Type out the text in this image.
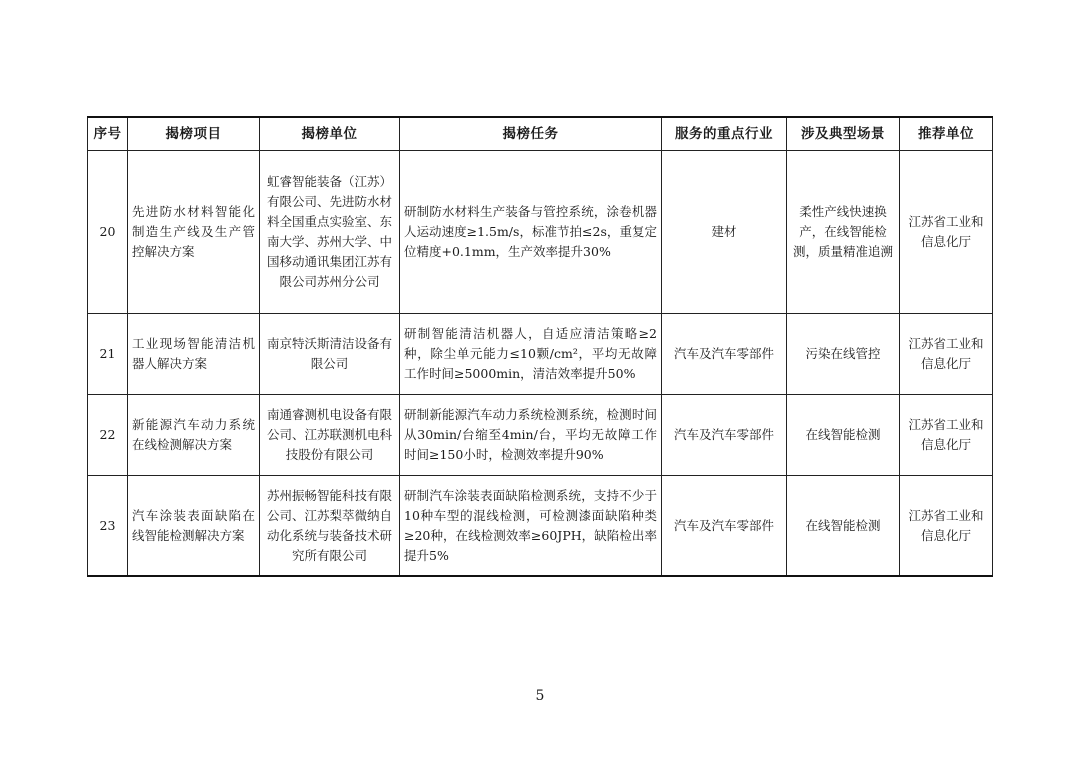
序号	揭榜项目	揭榜单位	揭榜任务	服务的重点行业	涉及典型场景	推荐单位
20	先进防水材料智能化制造生产线及生产管控解决方案	虹睿智能装备（江苏）有限公司、先进防水材料全国重点实验室、东南大学、苏州大学、中国移动通讯集团江苏有限公司苏州分公司	研制防水材料生产装备与管控系统，涂卷机器人运动速度≥1.5m/s，标准节拍≤2s，重复定位精度+0.1mm，生产效率提升30%	建材	柔性产线快速换产，在线智能检测，质量精准追溯	江苏省工业和信息化厅
21	工业现场智能清洁机器人解决方案	南京特沃斯清洁设备有限公司	研制智能清洁机器人，自适应清洁策略≥2种，除尘单元能力≤10颗/cm²，平均无故障工作时间≥5000min，清洁效率提升50%	汽车及汽车零部件	污染在线管控	江苏省工业和信息化厅
22	新能源汽车动力系统在线检测解决方案	南通睿测机电设备有限公司、江苏联测机电科技股份有限公司	研制新能源汽车动力系统检测系统，检测时间从30min/台缩至4min/台，平均无故障工作时间≥150小时，检测效率提升90%	汽车及汽车零部件	在线智能检测	江苏省工业和信息化厅
23	汽车涂装表面缺陷在线智能检测解决方案	苏州振畅智能科技有限公司、江苏梨萃微纳自动化系统与装备技术研究所有限公司	研制汽车涂装表面缺陷检测系统，支持不少于10种车型的混线检测，可检测漆面缺陷种类≥20种，在线检测效率≥60JPH，缺陷检出率提升5%	汽车及汽车零部件	在线智能检测	江苏省工业和信息化厅
5
